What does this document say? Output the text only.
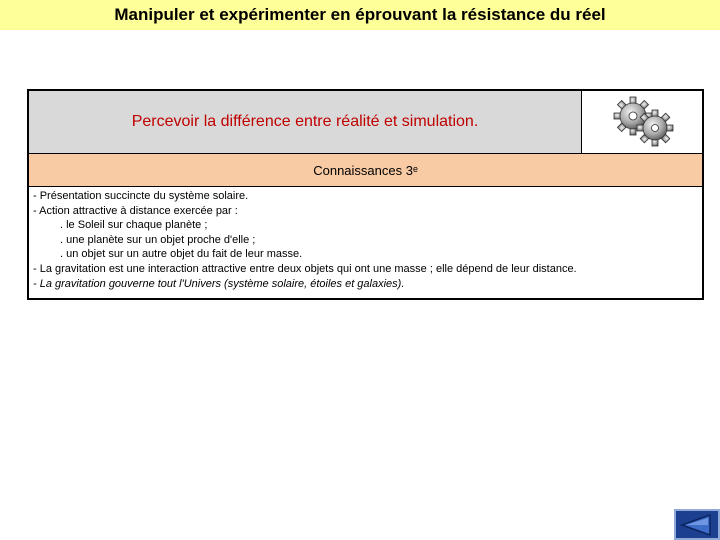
Manipuler et expérimenter en éprouvant la résistance du réel
Percevoir la différence entre réalité et simulation.
Connaissances 3ᵉ
- Présentation succincte du système solaire.
- Action attractive à distance exercée par :
. le Soleil sur chaque planète ;
. une planète sur un objet proche d'elle ;
. un objet sur un autre objet du fait de leur masse.
- La gravitation est une interaction attractive entre deux objets qui ont une masse ; elle dépend de leur distance.
- La gravitation gouverne tout l'Univers (système solaire, étoiles et galaxies).
